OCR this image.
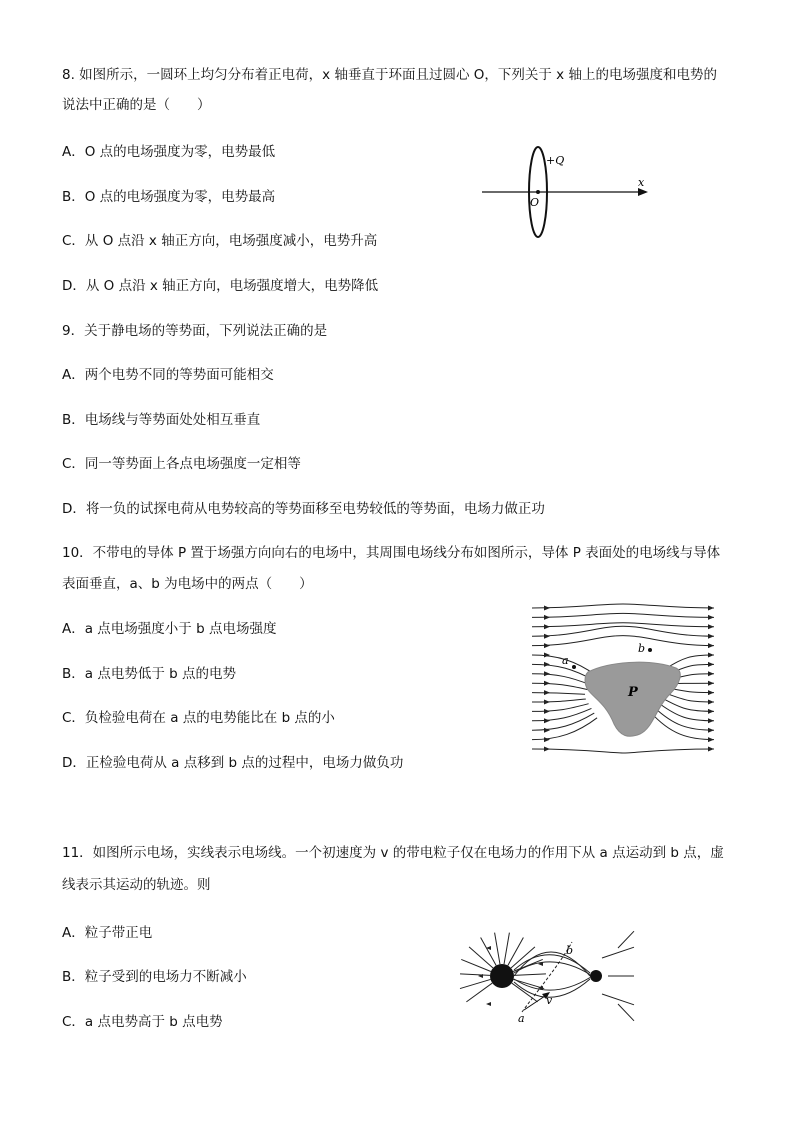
8. 如图所示，一圆环上均匀分布着正电荷，x 轴垂直于环面且过圆心 O，下列关于 x 轴上的电场强度和电势的
说法中正确的是（　　）
A．O 点的电场强度为零，电势最低
B．O 点的电场强度为零，电势最高
C．从 O 点沿 x 轴正方向，电场强度减小，电势升高
D．从 O 点沿 x 轴正方向，电场强度增大，电势降低
+Q
x
O
9．关于静电场的等势面，下列说法正确的是
A．两个电势不同的等势面可能相交
B．电场线与等势面处处相互垂直
C．同一等势面上各点电场强度一定相等
D．将一负的试探电荷从电势较高的等势面移至电势较低的等势面，电场力做正功
10．不带电的导体 P 置于场强方向向右的电场中，其周围电场线分布如图所示，导体 P 表面处的电场线与导体
表面垂直，a、b 为电场中的两点（　　）
A．a 点电场强度小于 b 点电场强度
B．a 点电势低于 b 点的电势
C．负检验电荷在 a 点的电势能比在 b 点的小
D．正检验电荷从 a 点移到 b 点的过程中，电场力做负功
P
a
b
11．如图所示电场，实线表示电场线。一个初速度为 v 的带电粒子仅在电场力的作用下从 a 点运动到 b 点，虚
线表示其运动的轨迹。则
A．粒子带正电
B．粒子受到的电场力不断减小
C．a 点电势高于 b 点电势	a
b
v
